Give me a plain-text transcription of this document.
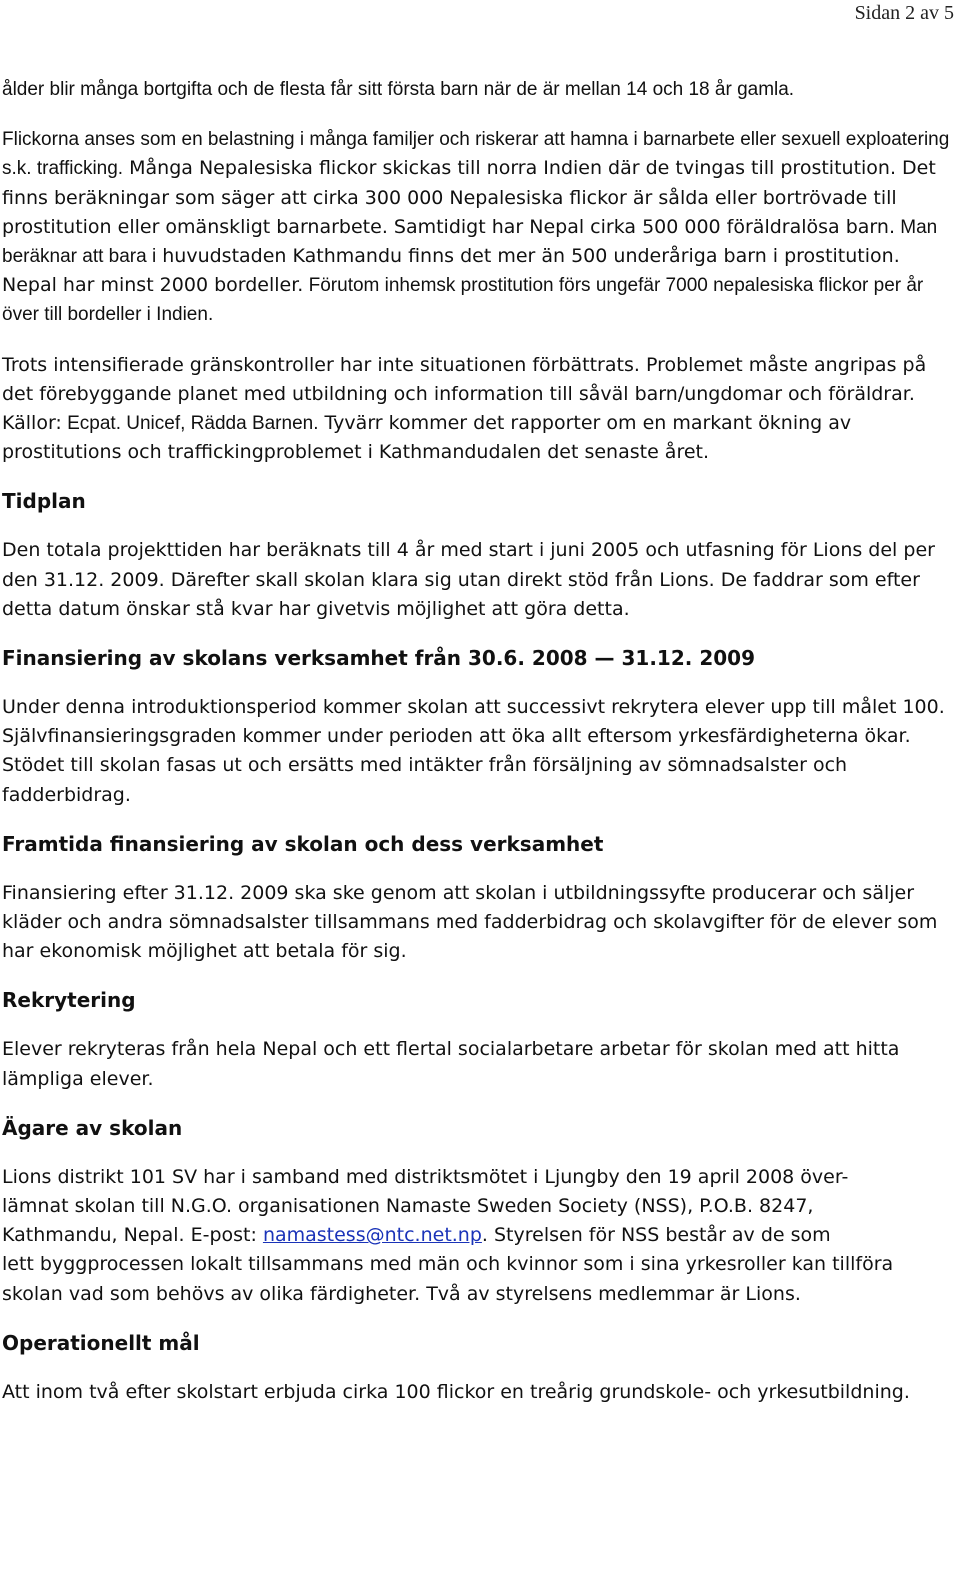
Sidan 2 av 5

ålder blir många bortgifta och de flesta får sitt första barn när de är mellan 14 och 18 år gamla.

Flickorna anses som en belastning i många familjer och riskerar att hamna i barnarbete eller sexuell exploatering s.k. trafficking. Många Nepalesiska flickor skickas till norra Indien där de tvingas till prostitution. Det finns beräkningar som säger att cirka 300 000 Nepalesiska flickor är sålda eller bortrövade till prostitution eller omänskligt barnarbete. Samtidigt har Nepal cirka 500 000 föräldralösa barn. Man beräknar att bara i huvudstaden Kathmandu finns det mer än 500 underåriga barn i prostitution. Nepal har minst 2000 bordeller. Förutom inhemsk prostitution förs ungefär 7000 nepalesiska flickor per år över till bordeller i Indien.

Trots intensifierade gränskontroller har inte situationen förbättrats. Problemet måste angripas på det förebyggande planet med utbildning och information till såväl barn/ungdomar och föräldrar. Källor: Ecpat. Unicef, Rädda Barnen. Tyvärr kommer det rapporter om en markant ökning av prostitutions och traffickingproblemet i Kathmandudalen det senaste året.

Tidplan

Den totala projekttiden har beräknats till 4 år med start i juni 2005 och utfasning för Lions del per den 31.12. 2009. Därefter skall skolan klara sig utan direkt stöd från Lions. De faddrar som efter detta datum önskar stå kvar har givetvis möjlighet att göra detta.

Finansiering av skolans verksamhet från 30.6. 2008 — 31.12. 2009

Under denna introduktionsperiod kommer skolan att successivt rekrytera elever upp till målet 100. Självfinansieringsgraden kommer under perioden att öka allt eftersom yrkesfärdigheterna ökar. Stödet till skolan fasas ut och ersätts med intäkter från försäljning av sömnadsalster och fadderbidrag.

Framtida finansiering av skolan och dess verksamhet

Finansiering efter 31.12. 2009 ska ske genom att skolan i utbildningssyfte producerar och säljer kläder och andra sömnadsalster tillsammans med fadderbidrag och skolavgifter för de elever som har ekonomisk möjlighet att betala för sig.

Rekrytering

Elever rekryteras från hela Nepal och ett flertal socialarbetare arbetar för skolan med att hitta lämpliga elever.

Ägare av skolan

Lions distrikt 101 SV har i samband med distriktsmötet i Ljungby den 19 april 2008 över-
lämnat skolan till N.G.O. organisationen Namaste Sweden Society (NSS), P.O.B. 8247,
Kathmandu, Nepal. E-post: namastess@ntc.net.np. Styrelsen för NSS består av de som
lett byggprocessen lokalt tillsammans med män och kvinnor som i sina yrkesroller kan tillföra skolan vad som behövs av olika färdigheter. Två av styrelsens medlemmar är Lions.

Operationellt mål

Att inom två efter skolstart erbjuda cirka 100 flickor en treårig grundskole- och yrkesutbildning.
